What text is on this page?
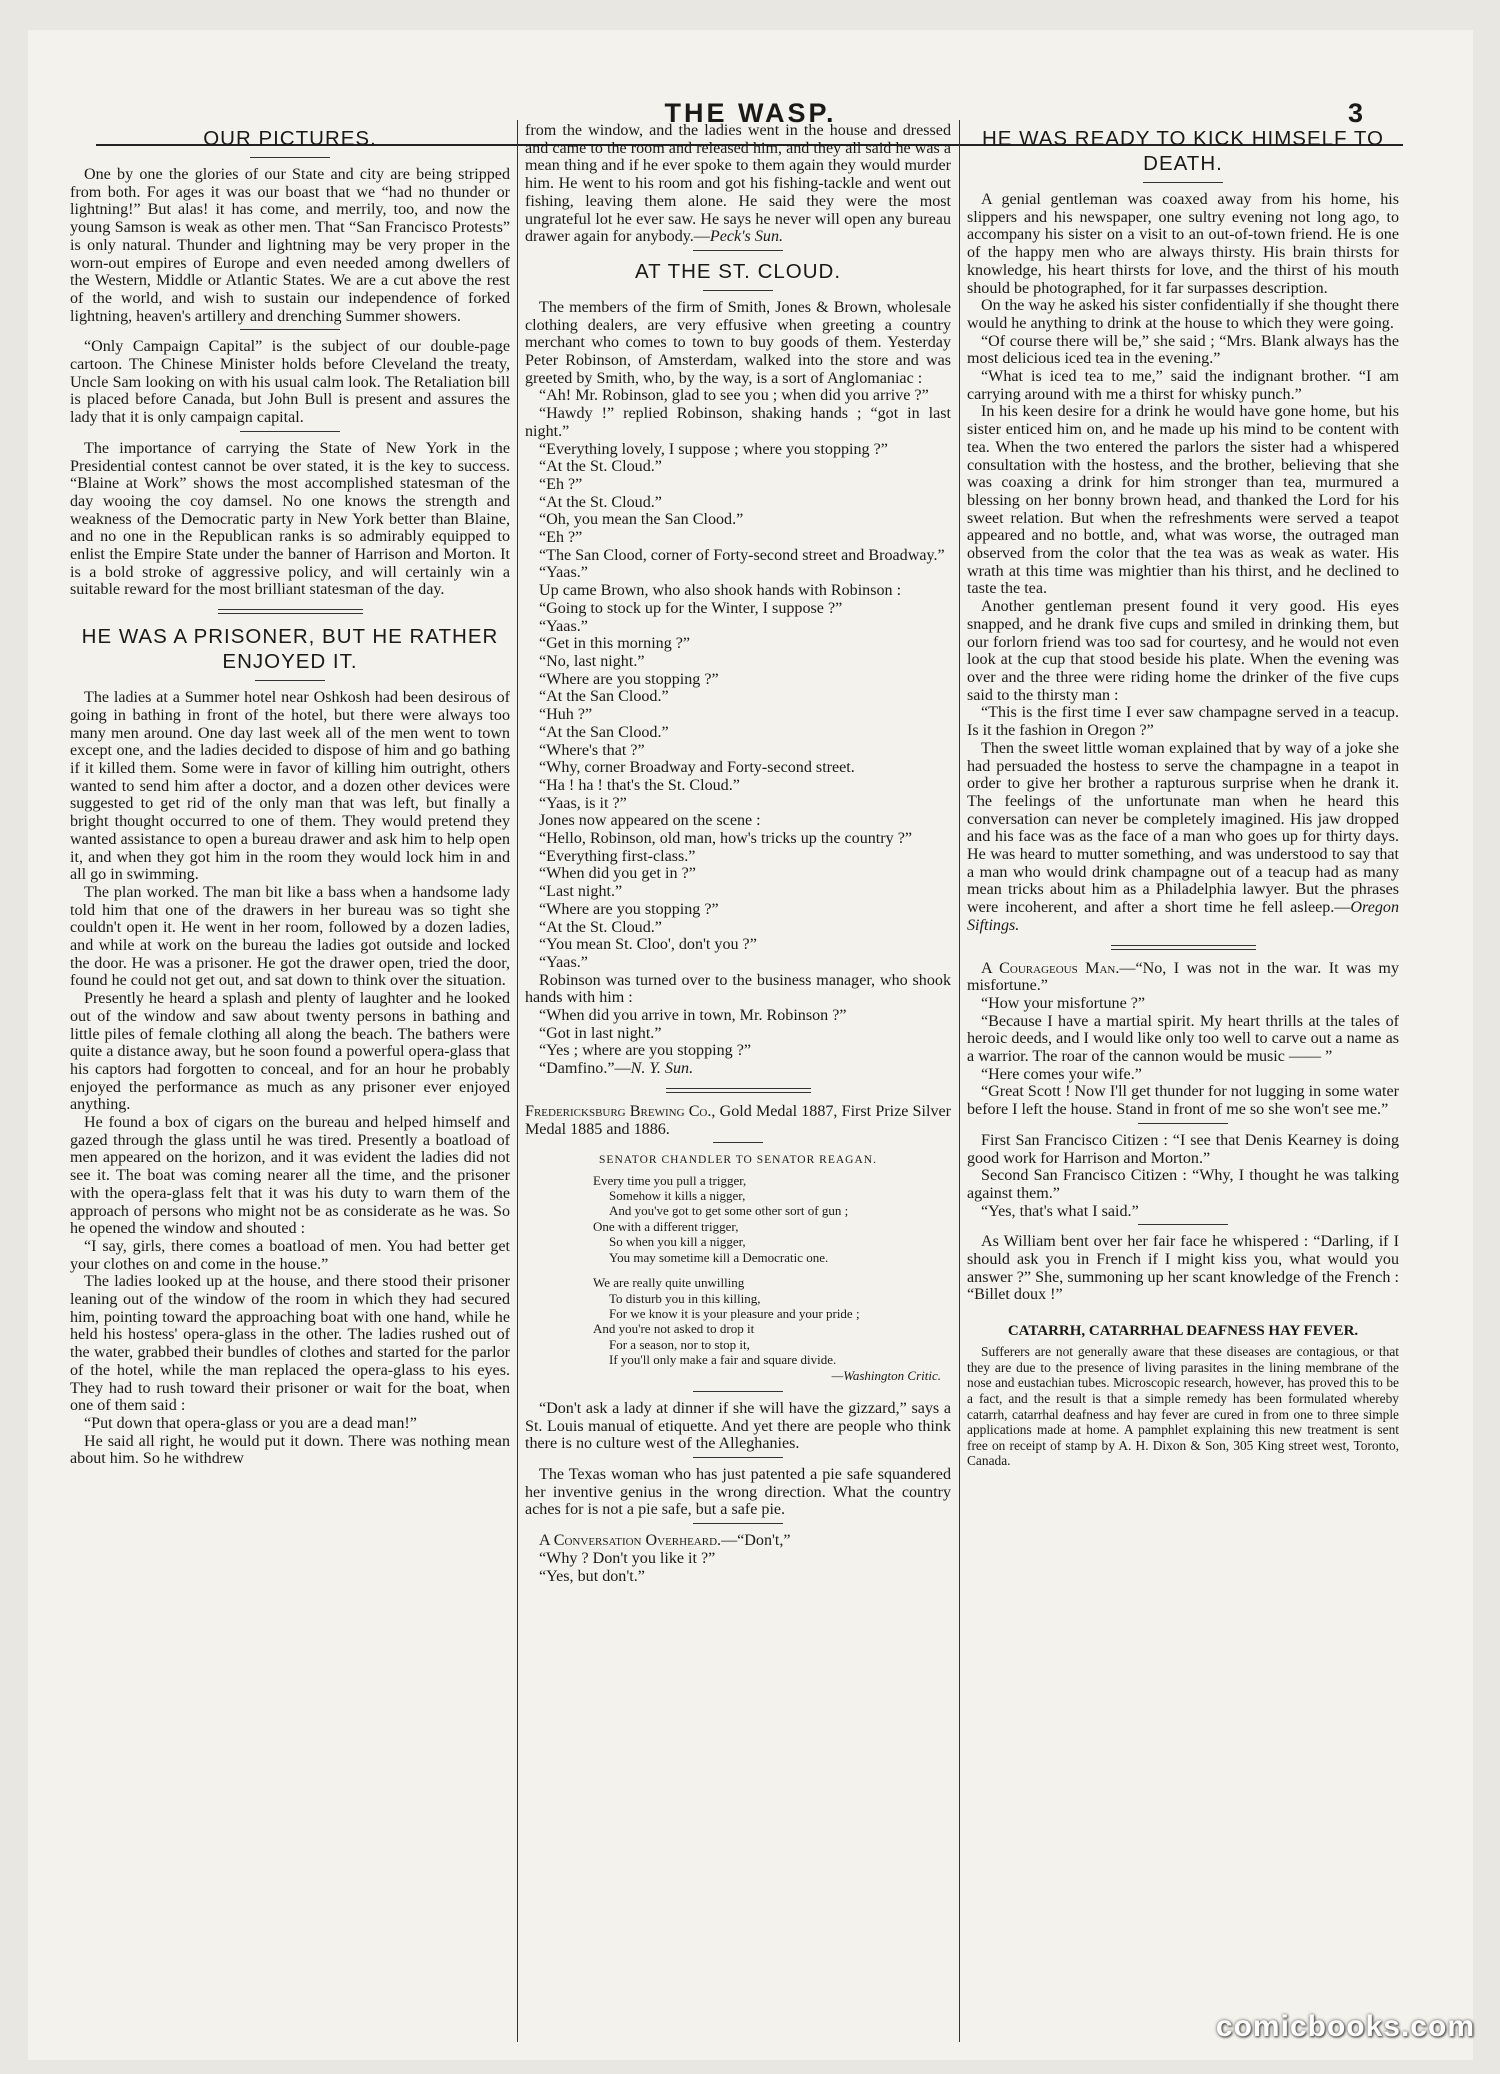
THE WASP.	3
OUR PICTURES.

One by one the glories of our State and city are being stripped from both. For ages it was our boast that we “had no thunder or lightning!” But alas! it has come, and merrily, too, and now the young Samson is weak as other men. That “San Francisco Protests” is only natural. Thunder and lightning may be very proper in the worn-out empires of Europe and even needed among dwellers of the Western, Middle or Atlantic States. We are a cut above the rest of the world, and wish to sustain our independence of forked lightning, heaven's artillery and drenching Summer showers.

“Only Campaign Capital” is the subject of our double-page cartoon. The Chinese Minister holds before Cleveland the treaty, Uncle Sam looking on with his usual calm look. The Retaliation bill is placed before Canada, but John Bull is present and assures the lady that it is only campaign capital.

The importance of carrying the State of New York in the Presidential contest cannot be over stated, it is the key to success. “Blaine at Work” shows the most accomplished statesman of the day wooing the coy damsel. No one knows the strength and weakness of the Democratic party in New York better than Blaine, and no one in the Republican ranks is so admirably equipped to enlist the Empire State under the banner of Harrison and Morton. It is a bold stroke of aggressive policy, and will certainly win a suitable reward for the most brilliant statesman of the day.

HE WAS A PRISONER, BUT HE RATHER ENJOYED IT.

The ladies at a Summer hotel near Oshkosh had been desirous of going in bathing in front of the hotel, but there were always too many men around. One day last week all of the men went to town except one, and the ladies decided to dispose of him and go bathing if it killed them. Some were in favor of killing him outright, others wanted to send him after a doctor, and a dozen other devices were suggested to get rid of the only man that was left, but finally a bright thought occurred to one of them. They would pretend they wanted assistance to open a bureau drawer and ask him to help open it, and when they got him in the room they would lock him in and all go in swimming.

The plan worked. The man bit like a bass when a handsome lady told him that one of the drawers in her bureau was so tight she couldn't open it. He went in her room, followed by a dozen ladies, and while at work on the bureau the ladies got outside and locked the door. He was a prisoner. He got the drawer open, tried the door, found he could not get out, and sat down to think over the situation.

Presently he heard a splash and plenty of laughter and he looked out of the window and saw about twenty persons in bathing and little piles of female clothing all along the beach. The bathers were quite a distance away, but he soon found a powerful opera-glass that his captors had forgotten to conceal, and for an hour he probably enjoyed the performance as much as any prisoner ever enjoyed anything.

He found a box of cigars on the bureau and helped himself and gazed through the glass until he was tired. Presently a boatload of men appeared on the horizon, and it was evident the ladies did not see it. The boat was coming nearer all the time, and the prisoner with the opera-glass felt that it was his duty to warn them of the approach of persons who might not be as considerate as he was. So he opened the window and shouted :

“I say, girls, there comes a boatload of men. You had better get your clothes on and come in the house.”

The ladies looked up at the house, and there stood their prisoner leaning out of the window of the room in which they had secured him, pointing toward the approaching boat with one hand, while he held his hostess' opera-glass in the other. The ladies rushed out of the water, grabbed their bundles of clothes and started for the parlor of the hotel, while the man replaced the opera-glass to his eyes. They had to rush toward their prisoner or wait for the boat, when one of them said :

“Put down that opera-glass or you are a dead man!”

He said all right, he would put it down. There was nothing mean about him. So he withdrew

from the window, and the ladies went in the house and dressed and came to the room and released him, and they all said he was a mean thing and if he ever spoke to them again they would murder him. He went to his room and got his fishing-tackle and went out fishing, leaving them alone. He said they were the most ungrateful lot he ever saw. He says he never will open any bureau drawer again for anybody.—Peck's Sun.

AT THE ST. CLOUD.

The members of the firm of Smith, Jones & Brown, wholesale clothing dealers, are very effusive when greeting a country merchant who comes to town to buy goods of them. Yesterday Peter Robinson, of Amsterdam, walked into the store and was greeted by Smith, who, by the way, is a sort of Anglomaniac :

“Ah! Mr. Robinson, glad to see you ; when did you arrive ?”

“Hawdy !” replied Robinson, shaking hands ; “got in last night.”

“Everything lovely, I suppose ; where you stopping ?”

“At the St. Cloud.”

“Eh ?”

“At the St. Cloud.”

“Oh, you mean the San Clood.”

“Eh ?”

“The San Clood, corner of Forty-second street and Broadway.”

“Yaas.”

Up came Brown, who also shook hands with Robinson :

“Going to stock up for the Winter, I suppose ?”

“Yaas.”

“Get in this morning ?”

“No, last night.”

“Where are you stopping ?”

“At the San Clood.”

“Huh ?”

“At the San Clood.”

“Where's that ?”

“Why, corner Broadway and Forty-second street.

“Ha ! ha ! that's the St. Cloud.”

“Yaas, is it ?”

Jones now appeared on the scene :

“Hello, Robinson, old man, how's tricks up the country ?”

“Everything first-class.”

“When did you get in ?”

“Last night.”

“Where are you stopping ?”

“At the St. Cloud.”

“You mean St. Cloo', don't you ?”

“Yaas.”

Robinson was turned over to the business manager, who shook hands with him :

“When did you arrive in town, Mr. Robinson ?”

“Got in last night.”

“Yes ; where are you stopping ?”

“Damfino.”—N. Y. Sun.

Fredericksburg Brewing Co., Gold Medal 1887, First Prize Silver Medal 1885 and 1886.

SENATOR CHANDLER TO SENATOR REAGAN.
Every time you pull a trigger,
Somehow it kills a nigger,
And you've got to get some other sort of gun ;
One with a different trigger,
So when you kill a nigger,
You may sometime kill a Democratic one.
We are really quite unwilling
To disturb you in this killing,
For we know it is your pleasure and your pride ;
And you're not asked to drop it
For a season, nor to stop it,
If you'll only make a fair and square divide.
—Washington Critic.

“Don't ask a lady at dinner if she will have the gizzard,” says a St. Louis manual of etiquette. And yet there are people who think there is no culture west of the Alleghanies.

The Texas woman who has just patented a pie safe squandered her inventive genius in the wrong direction. What the country aches for is not a pie safe, but a safe pie.

A Conversation Overheard.—“Don't,”

“Why ? Don't you like it ?”

“Yes, but don't.”

HE WAS READY TO KICK HIMSELF TO DEATH.

A genial gentleman was coaxed away from his home, his slippers and his newspaper, one sultry evening not long ago, to accompany his sister on a visit to an out-of-town friend. He is one of the happy men who are always thirsty. His brain thirsts for knowledge, his heart thirsts for love, and the thirst of his mouth should be photographed, for it far surpasses description.

On the way he asked his sister confidentially if she thought there would he anything to drink at the house to which they were going.

“Of course there will be,” she said ; “Mrs. Blank always has the most delicious iced tea in the evening.”

“What is iced tea to me,” said the indignant brother. “I am carrying around with me a thirst for whisky punch.”

In his keen desire for a drink he would have gone home, but his sister enticed him on, and he made up his mind to be content with tea. When the two entered the parlors the sister had a whispered consultation with the hostess, and the brother, believing that she was coaxing a drink for him stronger than tea, murmured a blessing on her bonny brown head, and thanked the Lord for his sweet relation. But when the refreshments were served a teapot appeared and no bottle, and, what was worse, the outraged man observed from the color that the tea was as weak as water. His wrath at this time was mightier than his thirst, and he declined to taste the tea.

Another gentleman present found it very good. His eyes snapped, and he drank five cups and smiled in drinking them, but our forlorn friend was too sad for courtesy, and he would not even look at the cup that stood beside his plate. When the evening was over and the three were riding home the drinker of the five cups said to the thirsty man :

“This is the first time I ever saw champagne served in a teacup. Is it the fashion in Oregon ?”

Then the sweet little woman explained that by way of a joke she had persuaded the hostess to serve the champagne in a teapot in order to give her brother a rapturous surprise when he drank it. The feelings of the unfortunate man when he heard this conversation can never be completely imagined. His jaw dropped and his face was as the face of a man who goes up for thirty days. He was heard to mutter something, and was understood to say that a man who would drink champagne out of a teacup had as many mean tricks about him as a Philadelphia lawyer. But the phrases were incoherent, and after a short time he fell asleep.—Oregon Siftings.

A Courageous Man.—“No, I was not in the war. It was my misfortune.”

“How your misfortune ?”

“Because I have a martial spirit. My heart thrills at the tales of heroic deeds, and I would like only too well to carve out a name as a warrior. The roar of the cannon would be music —— ”

“Here comes your wife.”

“Great Scott ! Now I'll get thunder for not lugging in some water before I left the house. Stand in front of me so she won't see me.”

First San Francisco Citizen : “I see that Denis Kearney is doing good work for Harrison and Morton.”

Second San Francisco Citizen : “Why, I thought he was talking against them.”

“Yes, that's what I said.”

As William bent over her fair face he whispered : “Darling, if I should ask you in French if I might kiss you, what would you answer ?” She, summoning up her scant knowledge of the French : “Billet doux !”

CATARRH, CATARRHAL DEAFNESS HAY FEVER.

Sufferers are not generally aware that these diseases are contagious, or that they are due to the presence of living parasites in the lining membrane of the nose and eustachian tubes. Microscopic research, however, has proved this to be a fact, and the result is that a simple remedy has been formulated whereby catarrh, catarrhal deafness and hay fever are cured in from one to three simple applications made at home. A pamphlet explaining this new treatment is sent free on receipt of stamp by A. H. Dixon & Son, 305 King street west, Toronto, Canada.

comicbooks.com
